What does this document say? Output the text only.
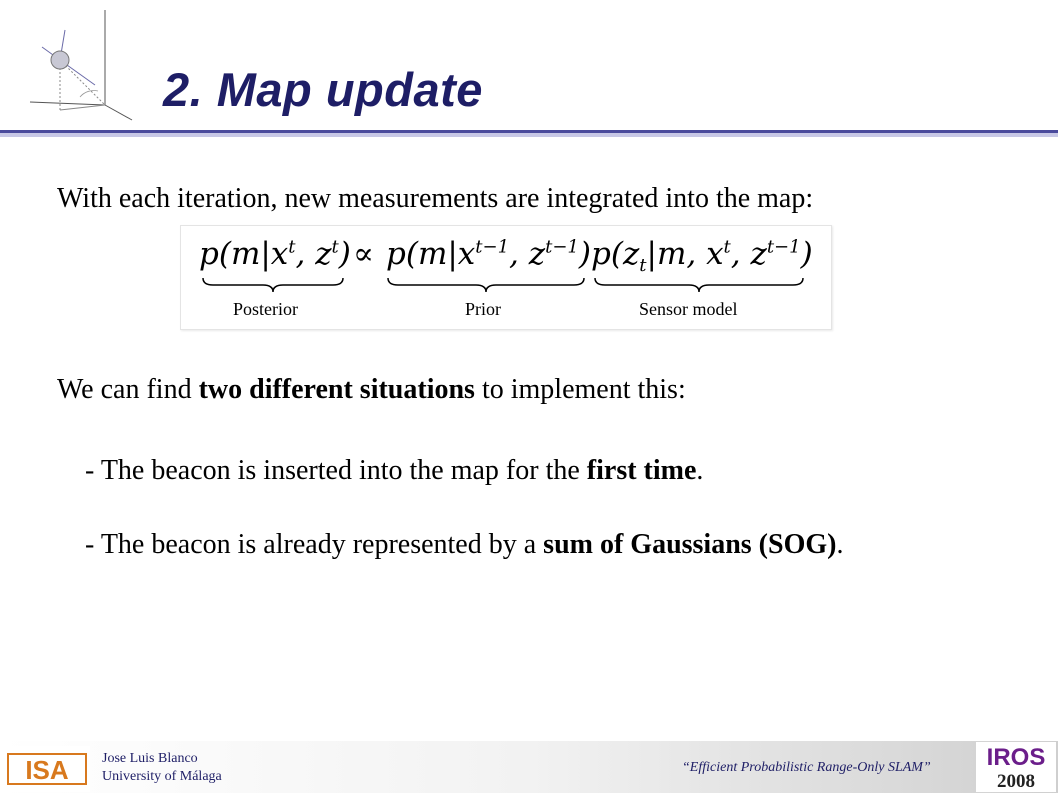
2. Map update
With each iteration, new measurements are integrated into the map:
$p(m|x^t$, $z^t) \propto p(m|x^{t-1}$, $z^{t-1}$) $p(z_t|m$, $x^t$, $z^{t-1}$)
Posterior	Prior	Sensor model
We can find two different situations to implement this:
- The beacon is inserted into the map for the first time.
- The beacon is already represented by a sum of Gaussians (SOG).
ISA Jose Luis Blanco
University of Málaga
“Efficient Probabilistic Range-Only SLAM” IROS
2008
